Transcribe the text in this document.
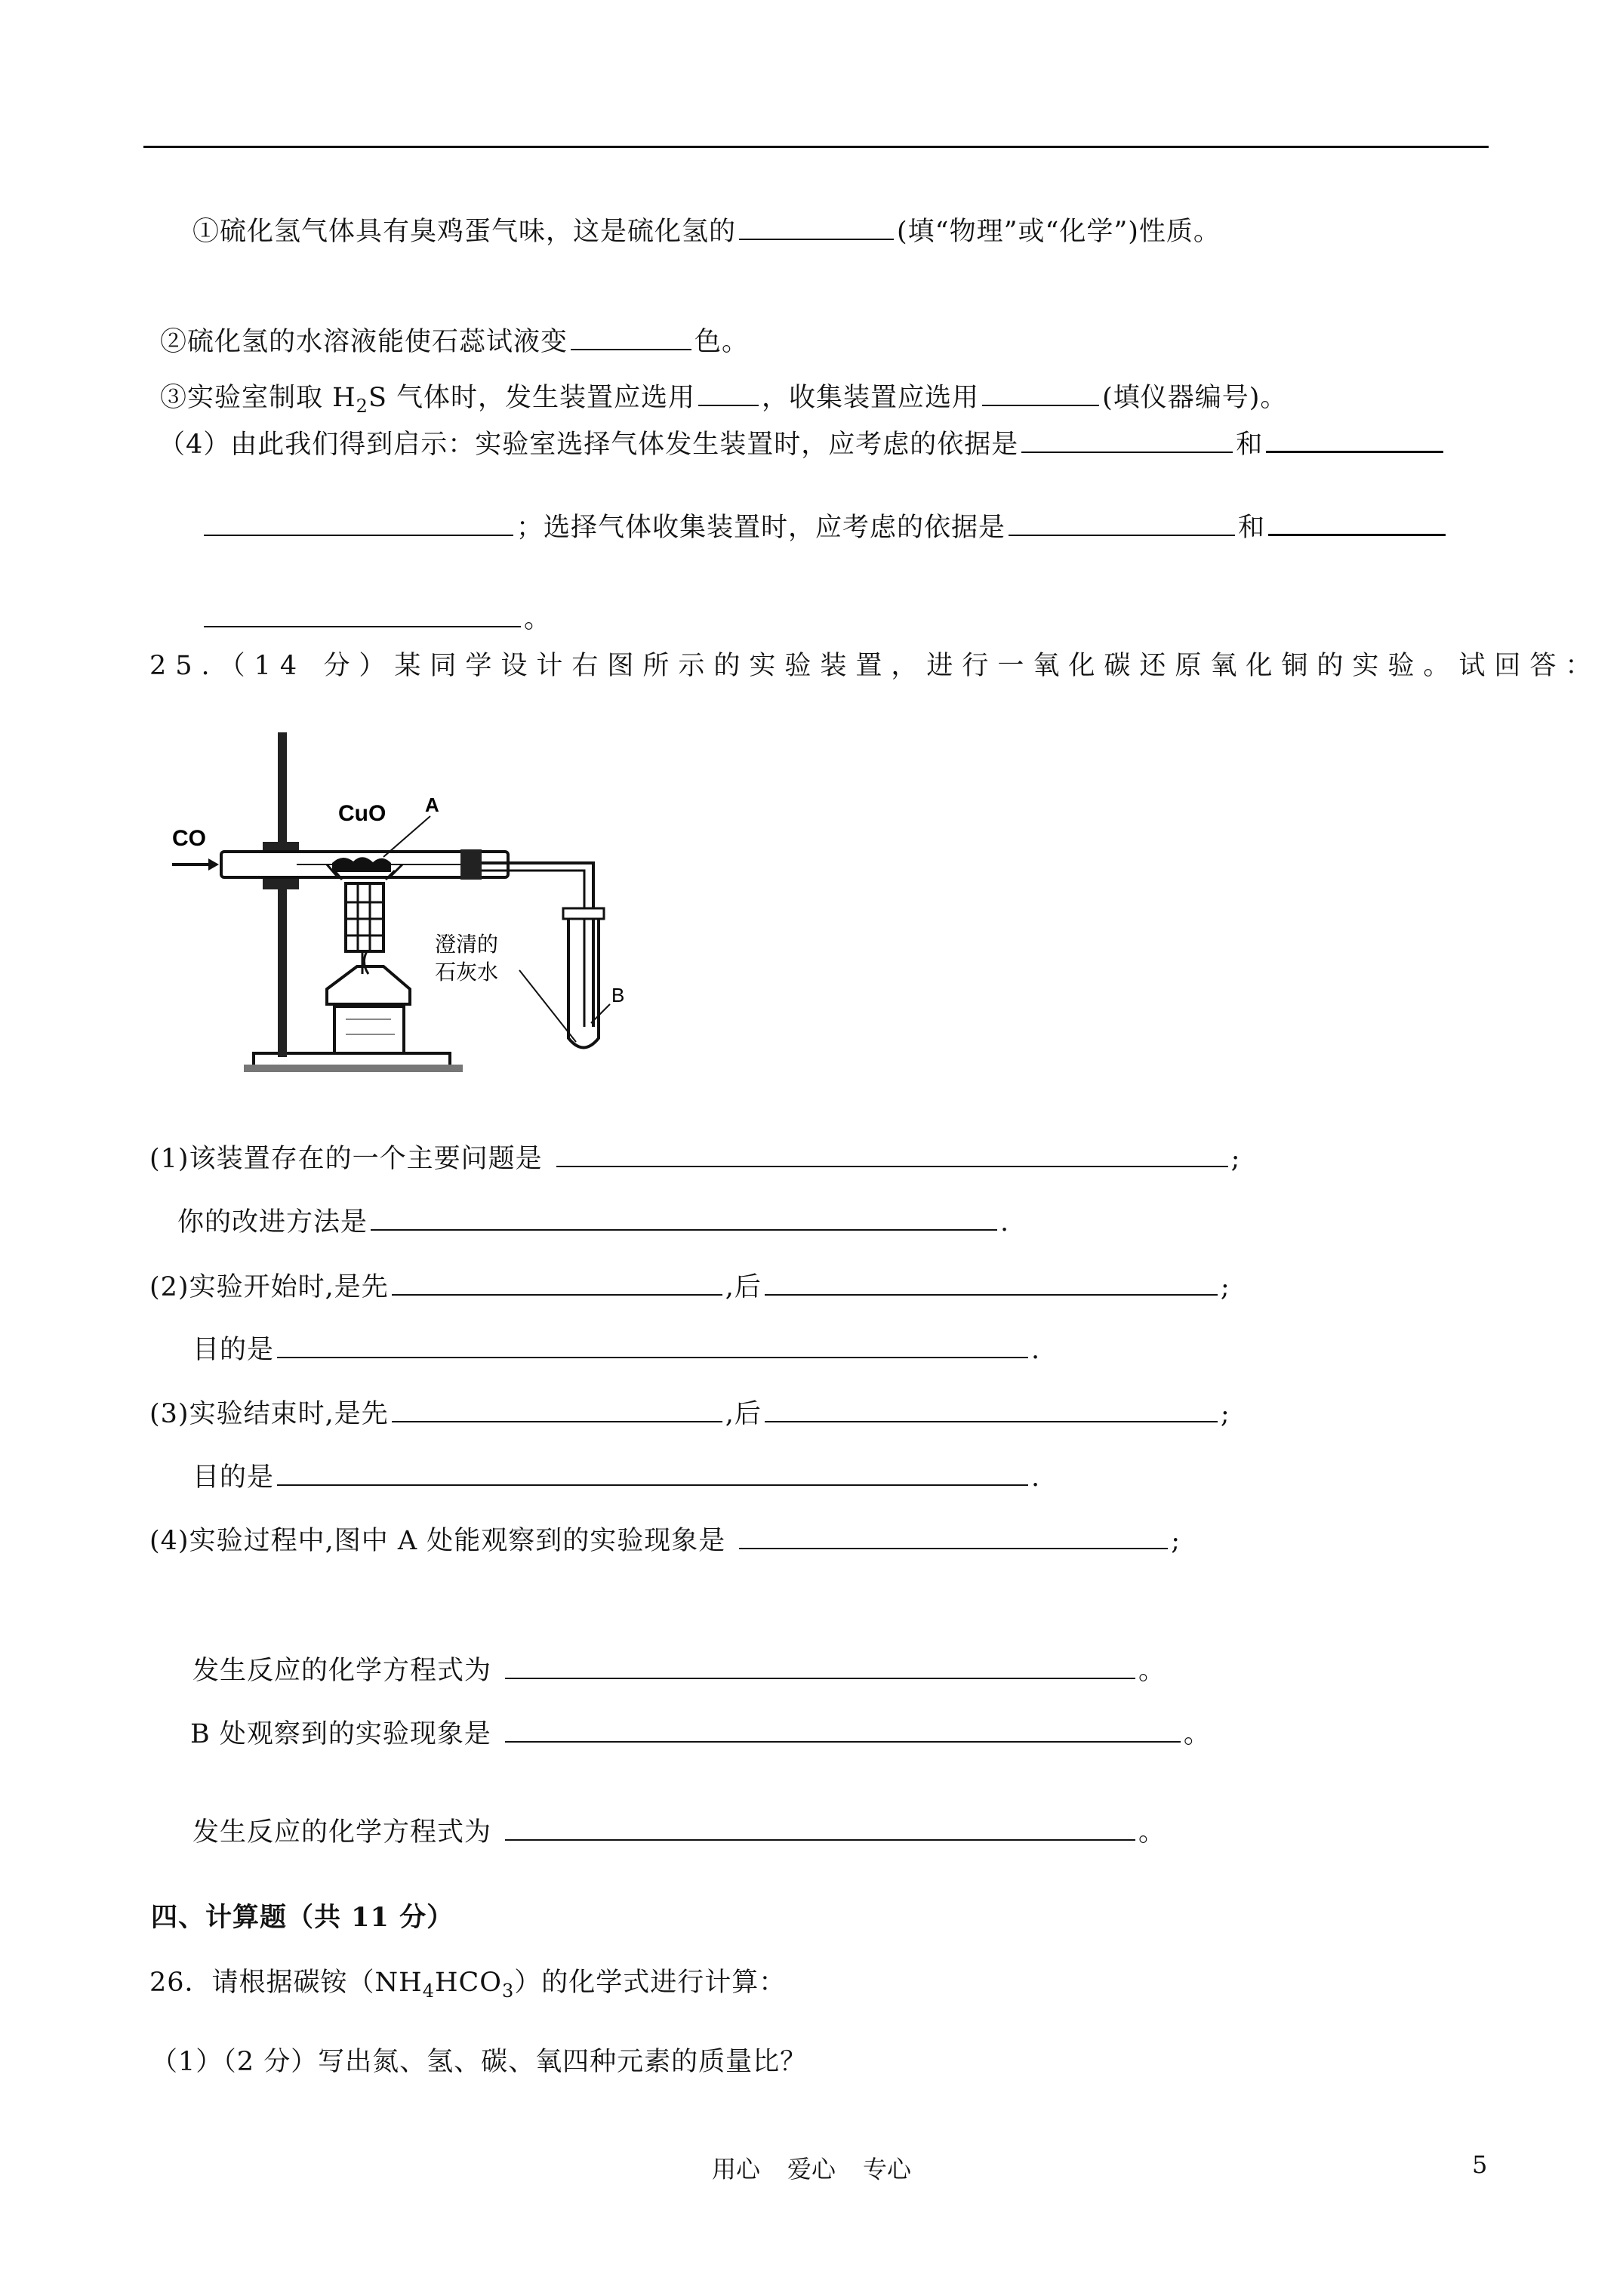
①硫化氢气体具有臭鸡蛋气味，这是硫化氢的	(填“物理”或“化学”)性质。
②硫化氢的水溶液能使石蕊试液变	色。
③实验室制取 $H_2S$ 气体时，发生装置应选用	，收集装置应选用	(填仪器编号)。
（4）由此我们得到启示：实验室选择气体发生装置时，应考虑的依据是	和
；选择气体收集装置时，应考虑的依据是	和
。
25.（14 分）某同学设计右图所示的实验装置，进行一氧化碳还原氧化铜的实验。试回答：
CO
CuO A
澄清的
石灰水
B
(1)该装置存在的一个主要问题是	;
你的改进方法是	.
(2)实验开始时,是先	,后	;
目的是	.
(3)实验结束时,是先	,后	;
目的是	.
(4)实验过程中,图中 A 处能观察到的实验现象是	;
发生反应的化学方程式为	。
B 处观察到的实验现象是	。
发生反应的化学方程式为	。
四、计算题（共 11 分）
26．请根据碳铵$(NH_4HCO_3)$的化学式进行计算：
（1）（2 分）写出氮、氢、碳、氧四种元素的质量比？
用心 爱心 专心	5
